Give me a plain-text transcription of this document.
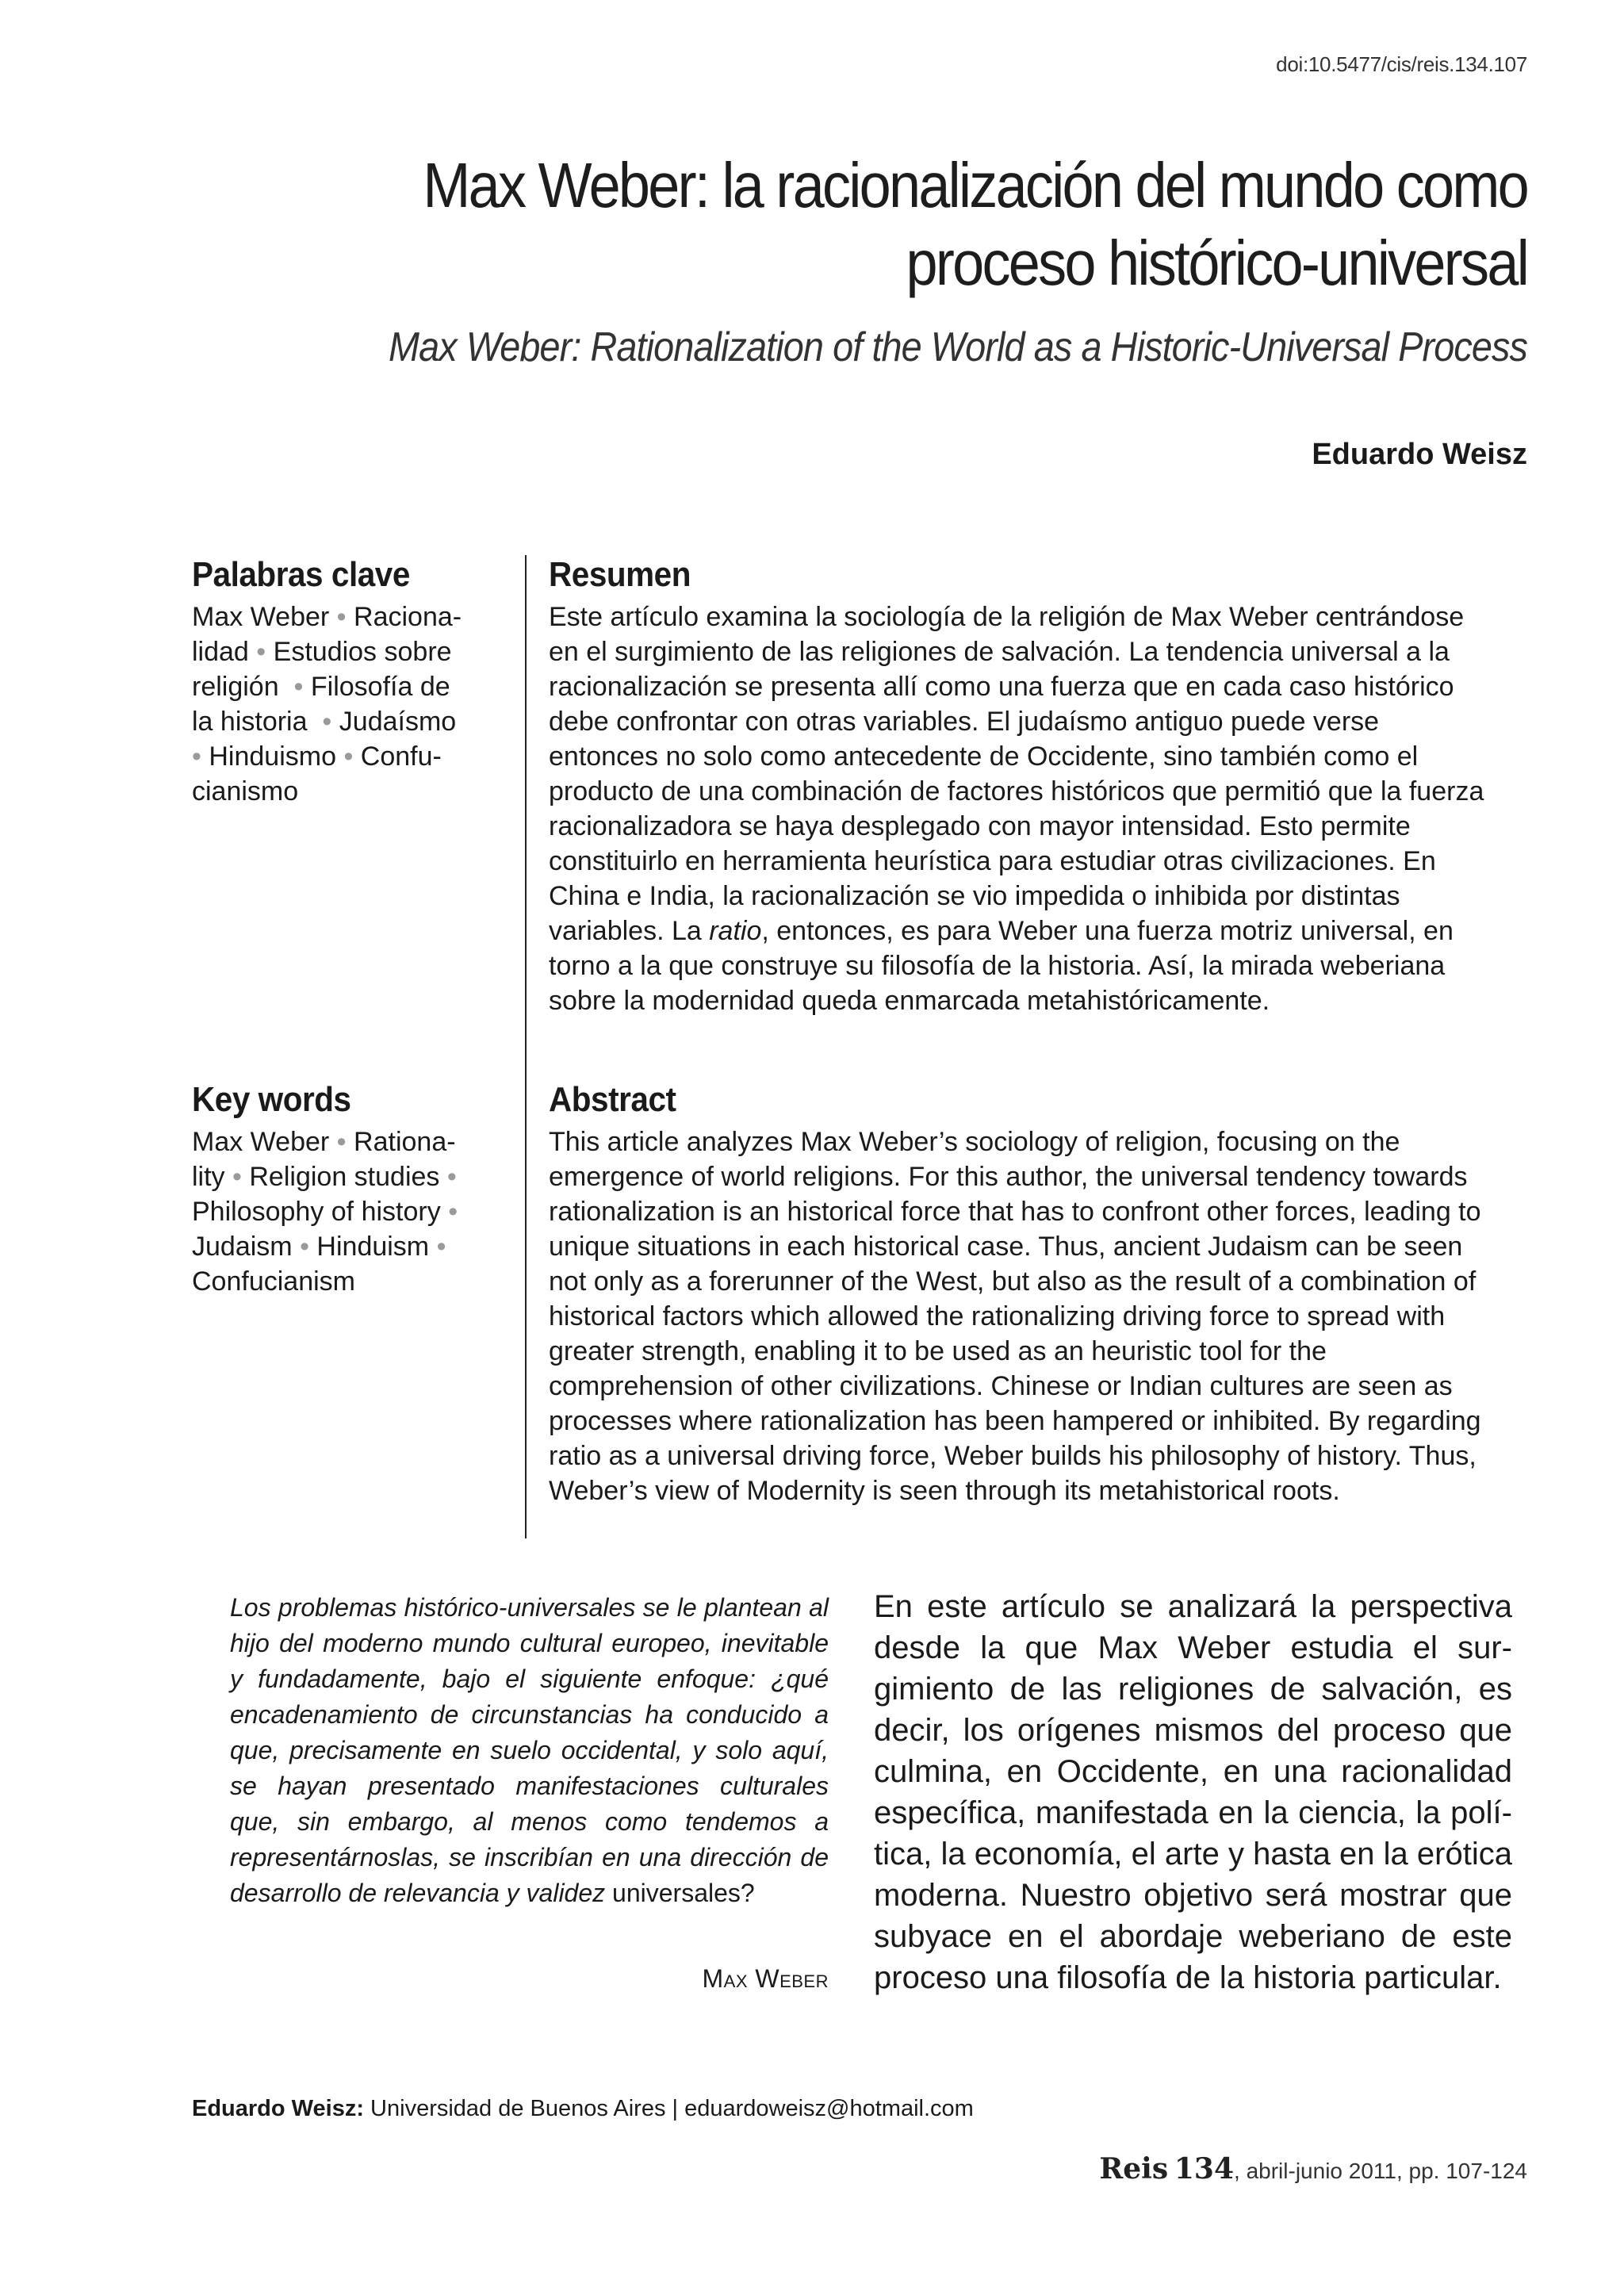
doi:10.5477/cis/reis.134.107
Max Weber: la racionalización del mundo como
proceso histórico-universal
Max Weber: Rationalization of the World as a Historic-Universal Process
Eduardo Weisz
Palabras clave

Max Weber • Raciona-
lidad • Estudios sobre
religión • Filosofía de
la historia • Judaísmo
• Hinduismo • Confu-
cianismo

Resumen

Este artículo examina la sociología de la religión de Max Weber centrándose en el surgimiento de las religiones de salvación. La tendencia universal a la racionalización se presenta allí como una fuerza que en cada caso histórico debe confrontar con otras variables. El judaísmo antiguo puede verse entonces no solo como antecedente de Occidente, sino también como el producto de una combinación de factores históricos que permitió que la fuerza racionalizadora se haya desplegado con mayor intensidad. Esto permite constituirlo en herramienta heurística para estudiar otras civilizaciones. En China e India, la racionalización se vio impedida o inhibida por distintas variables. La ratio, entonces, es para Weber una fuerza motriz universal, en torno a la que construye su filosofía de la historia. Así, la mirada weberiana sobre la modernidad queda enmarcada metahistóricamente.

Key words

Max Weber • Rationa-
lity • Religion studies •
Philosophy of history •
Judaism • Hinduism •
Confucianism

Abstract

This article analyzes Max Weber’s sociology of religion, focusing on the emergence of world religions. For this author, the universal tendency towards rationalization is an historical force that has to confront other forces, leading to unique situations in each historical case. Thus, ancient Judaism can be seen not only as a forerunner of the West, but also as the result of a combination of historical factors which allowed the rationalizing driving force to spread with greater strength, enabling it to be used as an heuristic tool for the comprehension of other civilizations. Chinese or Indian cultures are seen as processes where rationalization has been hampered or inhibited. By regarding ratio as a universal driving force, Weber builds his philosophy of history. Thus, Weber’s view of Modernity is seen through its metahistorical roots.

Los problemas histórico-universales se le plantean al hijo del moderno mundo cultural europeo, inevitable y fundadamente, bajo el siguiente enfoque: ¿qué encadenamiento de circunstancias ha conducido a que, precisamente en suelo occidental, y solo aquí, se hayan presentado manifestaciones culturales que, sin embargo, al menos como tendemos a representárnoslas, se inscribían en una dirección de desarrollo de relevancia y validez universales?

Max Weber

En este artículo se analizará la perspectiva desde la que Max Weber estudia el surgimiento de las religiones de salvación, es decir, los orígenes mismos del proceso que culmina, en Occidente, en una racionalidad específica, manifestada en la ciencia, la política, la economía, el arte y hasta en la erótica moderna. Nuestro objetivo será mostrar que subyace en el abordaje weberiano de este proceso una filosofía de la historia particular.

Eduardo Weisz: Universidad de Buenos Aires | eduardoweisz@hotmail.com
Reis 134, abril-junio 2011, pp. 107-124
